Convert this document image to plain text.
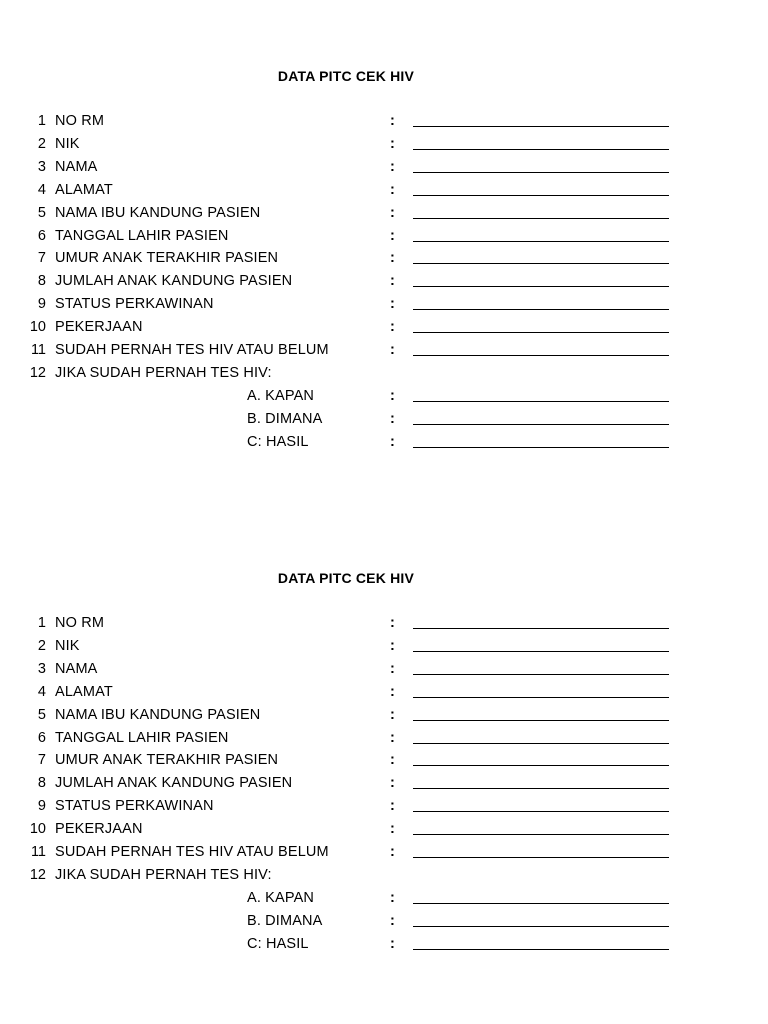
DATA PITC CEK HIV
1 NO RM	:
2 NIK	:
3 NAMA	:
4 ALAMAT	:
5 NAMA IBU KANDUNG PASIEN	:
6 TANGGAL LAHIR PASIEN	:
7 UMUR ANAK TERAKHIR PASIEN	:
8 JUMLAH ANAK KANDUNG PASIEN	:
9 STATUS PERKAWINAN	:
10 PEKERJAAN	:
11 SUDAH PERNAH TES HIV ATAU BELUM	:
12 JIKA SUDAH PERNAH TES HIV:
A. KAPAN	:
B. DIMANA	:
C: HASIL	:
DATA PITC CEK HIV
1 NO RM	:
2 NIK	:
3 NAMA	:
4 ALAMAT	:
5 NAMA IBU KANDUNG PASIEN	:
6 TANGGAL LAHIR PASIEN	:
7 UMUR ANAK TERAKHIR PASIEN	:
8 JUMLAH ANAK KANDUNG PASIEN	:
9 STATUS PERKAWINAN	:
10 PEKERJAAN	:
11 SUDAH PERNAH TES HIV ATAU BELUM	:
12 JIKA SUDAH PERNAH TES HIV:
A. KAPAN	:
B. DIMANA	:
C: HASIL	:
